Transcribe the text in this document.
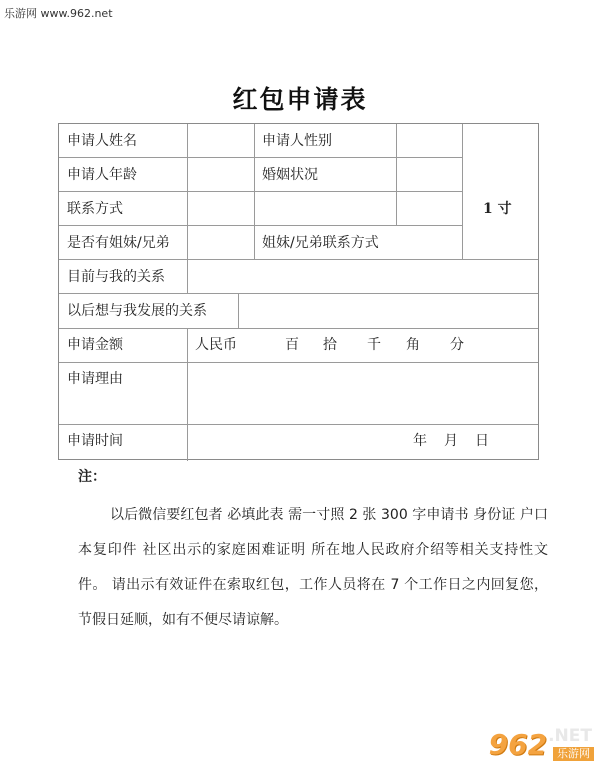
乐游网 www.962.net
红包申请表
申请人姓名	申请人性别
申请人年龄	婚姻状况
联系方式
是否有姐妹/兄弟	姐妹/兄弟联系方式
1 寸
目前与我的关系
以后想与我发展的关系
申请金额	人民币	百 拾 千 角 分
申请理由
申请时间	年 月 日
注：
以后微信要红包者 必填此表 需一寸照 2 张 300 字申请书 身份证 户口本复印件 社区出示的家庭困难证明 所在地人民政府介绍等相关支持性文件。 请出示有效证件在索取红包，工作人员将在 7 个工作日之内回复您，节假日延顺，如有不便尽请谅解。
962 .NET
乐游网
